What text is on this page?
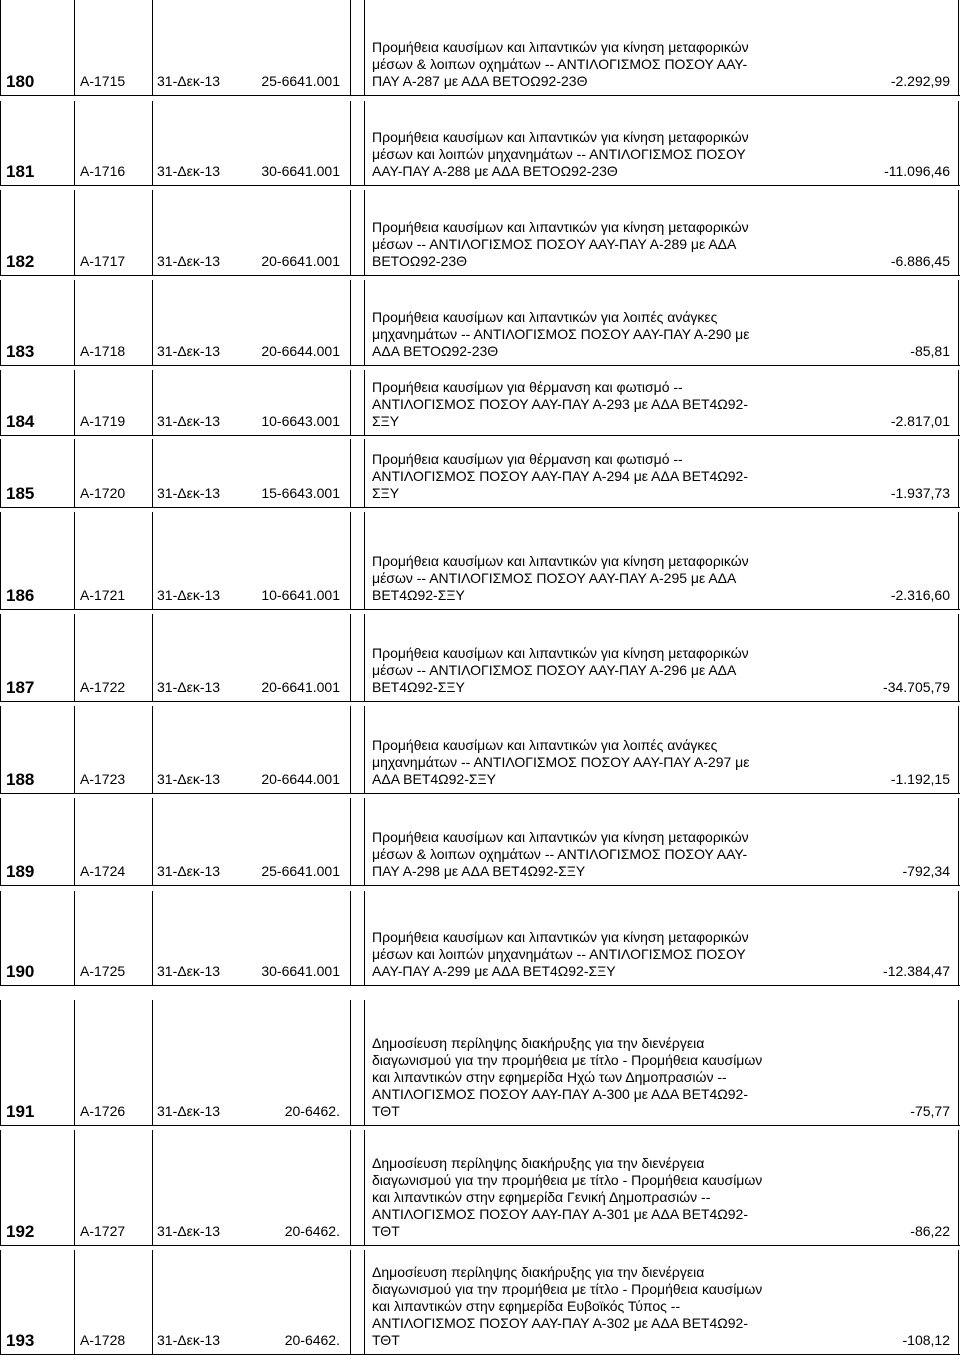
180	Α-1715 31-Δεκ-13	25-6641.001
Προμήθεια καυσίμων και λιπαντικών για κίνηση μεταφορικών
μέσων & λοιπων οχημάτων -- ΑΝΤΙΛΟΓΙΣΜΟΣ ΠΟΣΟΥ ΑΑΥ-
ΠΑΥ Α-287 με ΑΔΑ ΒΕΤΟΩ92-23Θ	-2.292,99
181	Α-1716 31-Δεκ-13	30-6641.001
Προμήθεια καυσίμων και λιπαντικών για κίνηση μεταφορικών
μέσων και λοιπών μηχανημάτων -- ΑΝΤΙΛΟΓΙΣΜΟΣ ΠΟΣΟΥ
ΑΑΥ-ΠΑΥ Α-288 με ΑΔΑ ΒΕΤΟΩ92-23Θ	-11.096,46
182	Α-1717 31-Δεκ-13	20-6641.001
Προμήθεια καυσίμων και λιπαντικών για κίνηση μεταφορικών
μέσων -- ΑΝΤΙΛΟΓΙΣΜΟΣ ΠΟΣΟΥ ΑΑΥ-ΠΑΥ Α-289 με ΑΔΑ
ΒΕΤΟΩ92-23Θ	-6.886,45
183	Α-1718 31-Δεκ-13	20-6644.001
Προμήθεια καυσίμων και λιπαντικών για λοιπές ανάγκες
μηχανημάτων -- ΑΝΤΙΛΟΓΙΣΜΟΣ ΠΟΣΟΥ ΑΑΥ-ΠΑΥ Α-290 με
ΑΔΑ ΒΕΤΟΩ92-23Θ	-85,81
184	Α-1719 31-Δεκ-13	10-6643.001
Προμήθεια καυσίμων για θέρμανση και φωτισμό --
ΑΝΤΙΛΟΓΙΣΜΟΣ ΠΟΣΟΥ ΑΑΥ-ΠΑΥ Α-293 με ΑΔΑ ΒΕΤ4Ω92-
ΣΞΥ	-2.817,01
185	Α-1720 31-Δεκ-13	15-6643.001
Προμήθεια καυσίμων για θέρμανση και φωτισμό --
ΑΝΤΙΛΟΓΙΣΜΟΣ ΠΟΣΟΥ ΑΑΥ-ΠΑΥ Α-294 με ΑΔΑ ΒΕΤ4Ω92-
ΣΞΥ	-1.937,73
186	Α-1721 31-Δεκ-13	10-6641.001
Προμήθεια καυσίμων και λιπαντικών για κίνηση μεταφορικών
μέσων -- ΑΝΤΙΛΟΓΙΣΜΟΣ ΠΟΣΟΥ ΑΑΥ-ΠΑΥ Α-295 με ΑΔΑ
ΒΕΤ4Ω92-ΣΞΥ	-2.316,60
187	Α-1722 31-Δεκ-13	20-6641.001
Προμήθεια καυσίμων και λιπαντικών για κίνηση μεταφορικών
μέσων -- ΑΝΤΙΛΟΓΙΣΜΟΣ ΠΟΣΟΥ ΑΑΥ-ΠΑΥ Α-296 με ΑΔΑ
ΒΕΤ4Ω92-ΣΞΥ	-34.705,79
188	Α-1723 31-Δεκ-13	20-6644.001
Προμήθεια καυσίμων και λιπαντικών για λοιπές ανάγκες
μηχανημάτων -- ΑΝΤΙΛΟΓΙΣΜΟΣ ΠΟΣΟΥ ΑΑΥ-ΠΑΥ Α-297 με
ΑΔΑ ΒΕΤ4Ω92-ΣΞΥ	-1.192,15
189	Α-1724 31-Δεκ-13	25-6641.001
Προμήθεια καυσίμων και λιπαντικών για κίνηση μεταφορικών
μέσων & λοιπων οχημάτων -- ΑΝΤΙΛΟΓΙΣΜΟΣ ΠΟΣΟΥ ΑΑΥ-
ΠΑΥ Α-298 με ΑΔΑ ΒΕΤ4Ω92-ΣΞΥ	-792,34
190	Α-1725 31-Δεκ-13	30-6641.001
Προμήθεια καυσίμων και λιπαντικών για κίνηση μεταφορικών
μέσων και λοιπών μηχανημάτων -- ΑΝΤΙΛΟΓΙΣΜΟΣ ΠΟΣΟΥ
ΑΑΥ-ΠΑΥ Α-299 με ΑΔΑ ΒΕΤ4Ω92-ΣΞΥ	-12.384,47
191	Α-1726 31-Δεκ-13	20-6462.
Δημοσίευση περίληψης διακήρυξης για την διενέργεια
διαγωνισμού για την προμήθεια με τίτλο - Προμήθεια καυσίμων
και λιπαντικών στην εφημερίδα Ηχώ των Δημοπρασιών --
ΑΝΤΙΛΟΓΙΣΜΟΣ ΠΟΣΟΥ ΑΑΥ-ΠΑΥ Α-300 με ΑΔΑ ΒΕΤ4Ω92-
ΤΘΤ	-75,77
192	Α-1727 31-Δεκ-13	20-6462.
Δημοσίευση περίληψης διακήρυξης για την διενέργεια
διαγωνισμού για την προμήθεια με τίτλο - Προμήθεια καυσίμων
και λιπαντικών στην εφημερίδα Γενική Δημοπρασιών --
ΑΝΤΙΛΟΓΙΣΜΟΣ ΠΟΣΟΥ ΑΑΥ-ΠΑΥ Α-301 με ΑΔΑ ΒΕΤ4Ω92-
ΤΘΤ	-86,22
193	Α-1728 31-Δεκ-13	20-6462.
Δημοσίευση περίληψης διακήρυξης για την διενέργεια
διαγωνισμού για την προμήθεια με τίτλο - Προμήθεια καυσίμων
και λιπαντικών στην εφημερίδα Ευβοϊκός Τύπος --
ΑΝΤΙΛΟΓΙΣΜΟΣ ΠΟΣΟΥ ΑΑΥ-ΠΑΥ Α-302 με ΑΔΑ ΒΕΤ4Ω92-
ΤΘΤ	-108,12
